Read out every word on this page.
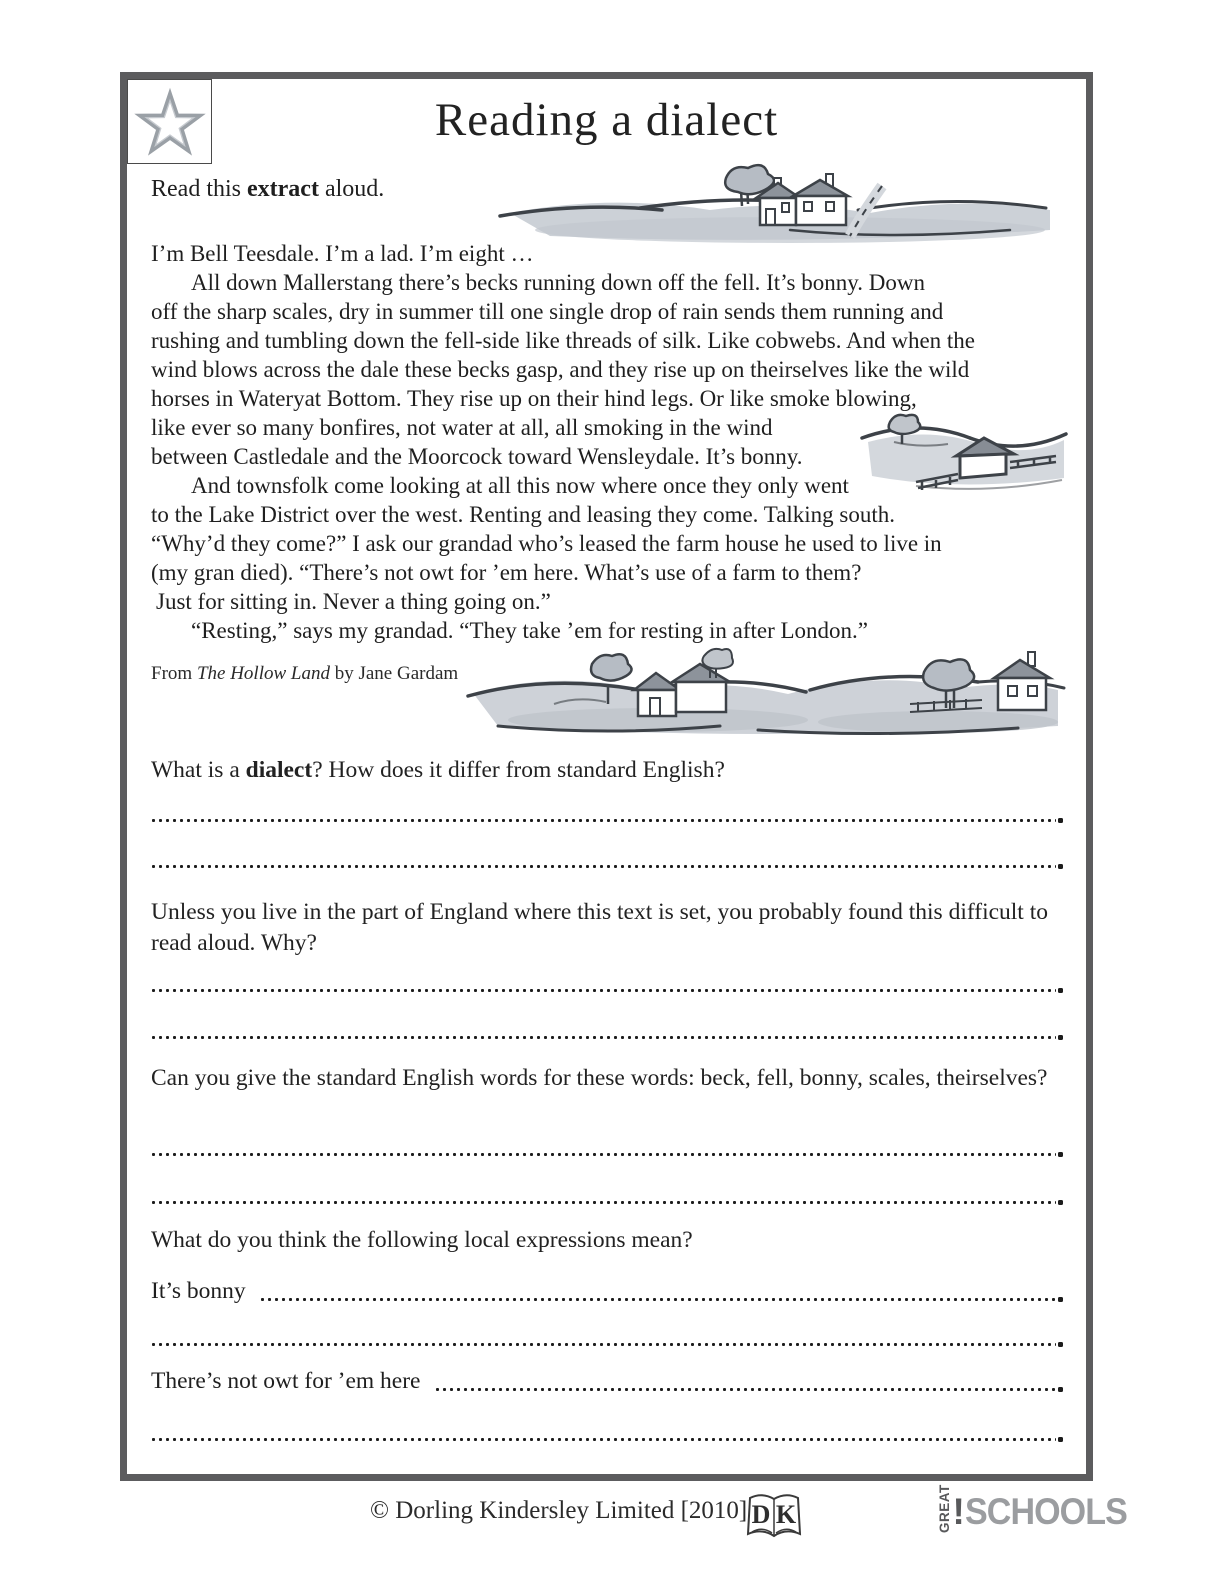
Reading a dialect
Read this extract aloud.
I’m Bell Teesdale. I’m a lad. I’m eight …
All down Mallerstang there’s becks running down off the fell. It’s bonny. Down
off the sharp scales, dry in summer till one single drop of rain sends them running and
rushing and tumbling down the fell-side like threads of silk. Like cobwebs. And when the
wind blows across the dale these becks gasp, and they rise up on theirselves like the wild
horses in Wateryat Bottom. They rise up on their hind legs. Or like smoke blowing,
like ever so many bonfires, not water at all, all smoking in the wind
between Castledale and the Moorcock toward Wensleydale. It’s bonny.
And townsfolk come looking at all this now where once they only went
to the Lake District over the west. Renting and leasing they come. Talking south.
“Why’d they come?” I ask our grandad who’s leased the farm house he used to live in
(my gran died). “There’s not owt for ’em here. What’s use of a farm to them?
Just for sitting in. Never a thing going on.”
“Resting,” says my grandad. “They take ’em for resting in after London.”
From The Hollow Land by Jane Gardam
What is a dialect? How does it differ from standard English?
Unless you live in the part of England where this text is set, you probably found this difficult to read aloud. Why?
Can you give the standard English words for these words: beck, fell, bonny, scales, theirselves?
What do you think the following local expressions mean?
It’s bonny
There’s not owt for ’em here
© Dorling Kindersley Limited [2010] D K	GREAT ! SCHOOLS
